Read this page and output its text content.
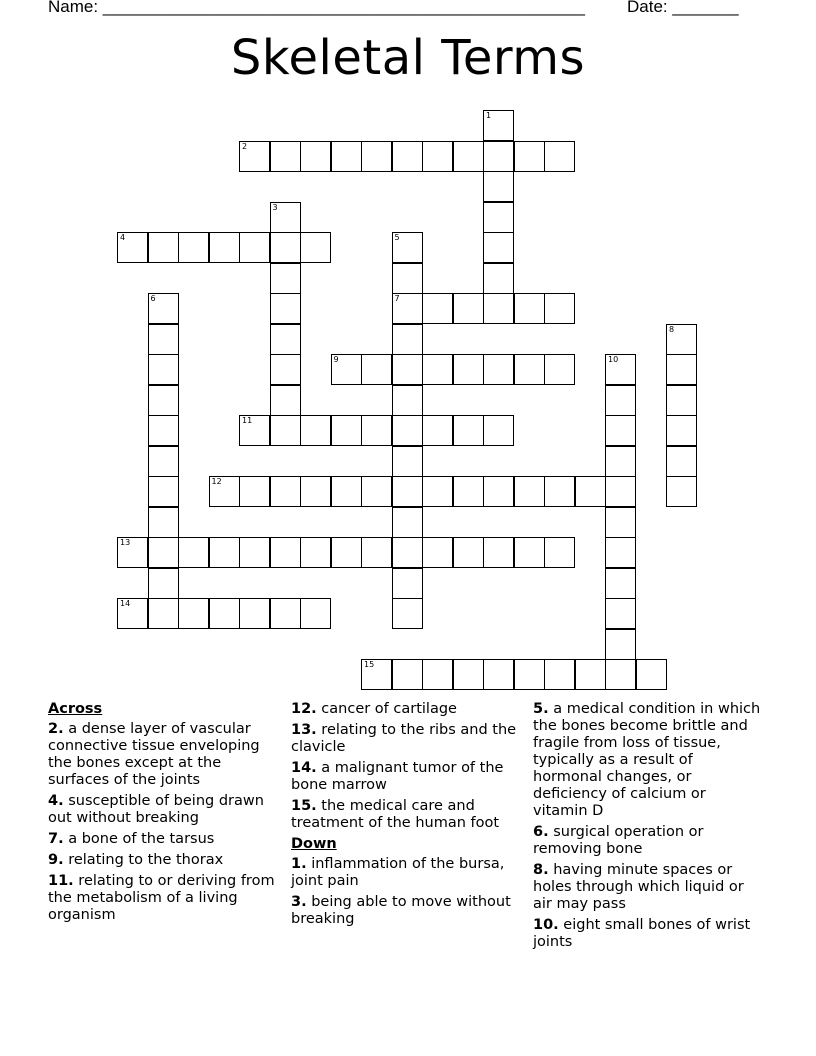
Name: ___________________________________________________ Date: _______
Skeletal Terms
1
2
3
4	5
7
6
8
9	10
11
12
13
14
15
Across
2. a dense layer of vascular connective tissue enveloping the bones except at the surfaces of the joints
4. susceptible of being drawn out without breaking
7. a bone of the tarsus
9. relating to the thorax
11. relating to or deriving from the metabolism of a living organism
12. cancer of cartilage
13. relating to the ribs and the clavicle
14. a malignant tumor of the bone marrow
15. the medical care and treatment of the human foot
Down
1. inflammation of the bursa, joint pain
3. being able to move without breaking
5. a medical condition in which the bones become brittle and fragile from loss of tissue, typically as a result of hormonal changes, or deficiency of calcium or vitamin D
6. surgical operation or removing bone
8. having minute spaces or holes through which liquid or air may pass
10. eight small bones of wrist joints
